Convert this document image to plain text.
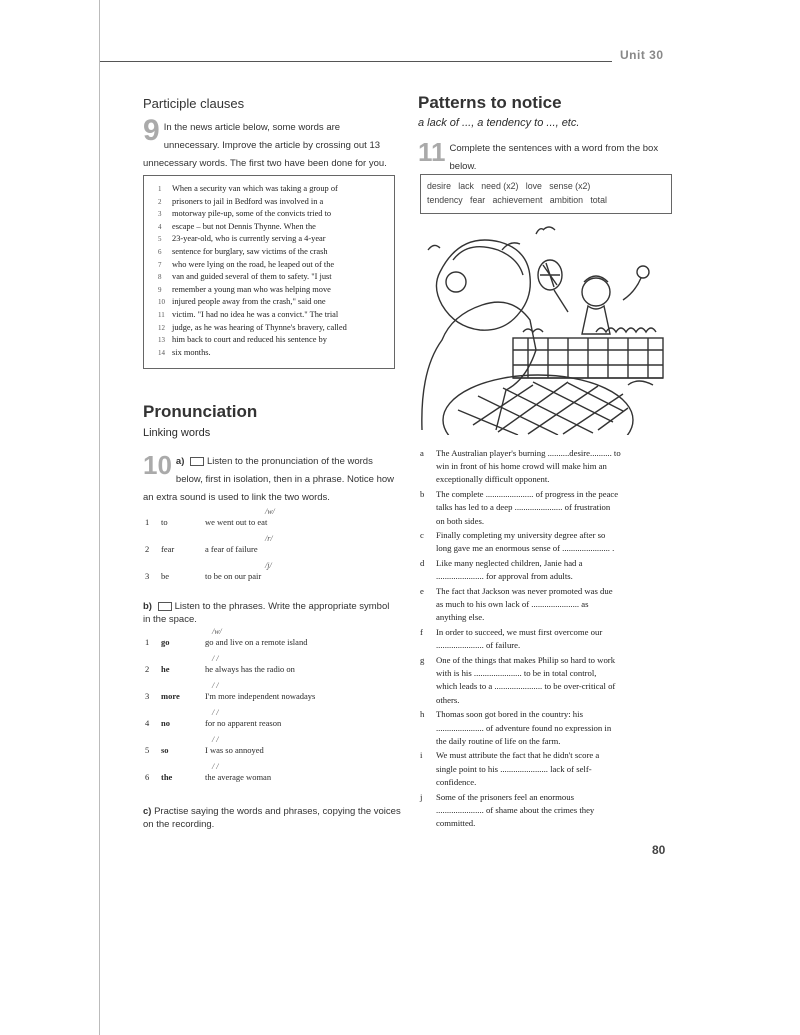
Unit 30
Participle clauses
9 In the news article below, some words are unnecessary. Improve the article by crossing out 13 unnecessary words. The first two have been done for you.
1 When a security van which was taking a group of
2 prisoners to jail in Bedford was involved in a
3 motorway pile-up, some of the convicts tried to
4 escape – but not Dennis Thynne. When the
5 23-year-old, who is currently serving a 4-year
6 sentence for burglary, saw victims of the crash
7 who were lying on the road, he leaped out of the
8 van and guided several of them to safety. "I just
9 remember a young man who was helping move
10 injured people away from the crash," said one
11 victim. "I had no idea he was a convict." The trial
12 judge, as he was hearing of Thynne's bravery, called
13 him back to court and reduced his sentence by
14 six months.
Pronunciation
Linking words
10 a) Listen to the pronunciation of the words below, first in isolation, then in a phrase. Notice how an extra sound is used to link the two words.
/w/
1 to	we went out to eat
/r/
2 fear	a fear of failure
/j/
3 be	to be on our pair
b) Listen to the phrases. Write the appropriate symbol in the space.
/w/
1 go	go and live on a remote island
/ /
2 he	he always has the radio on
/ /
3 more	I'm more independent nowadays
/ /
4 no	for no apparent reason
/ /
5 so	I was so annoyed
/ /
6 the	the average woman
c) Practise saying the words and phrases, copying the voices on the recording.
Patterns to notice
a lack of ..., a tendency to ..., etc.
11 Complete the sentences with a word from the box below.
desire   lack   need (x2)   love   sense (x2)
tendency   fear   achievement   ambition   total
a The Australian player's burning ..........desire.......... to
win in front of his home crowd will make him an
exceptionally difficult opponent.
b The complete ...................... of progress in the peace
talks has led to a deep ...................... of frustration
on both sides.
c Finally completing my university degree after so
long gave me an enormous sense of ...................... .
d Like many neglected children, Janie had a
...................... for approval from adults.
e The fact that Jackson was never promoted was due
as much to his own lack of ...................... as
anything else.
f In order to succeed, we must first overcome our
...................... of failure.
g One of the things that makes Philip so hard to work
with is his ...................... to be in total control,
which leads to a ...................... to be over-critical of
others.
h Thomas soon got bored in the country: his
...................... of adventure found no expression in
the daily routine of life on the farm.
i We must attribute the fact that he didn't score a
single point to his ...................... lack of self-
confidence.
j Some of the prisoners feel an enormous
...................... of shame about the crimes they
committed.
80
